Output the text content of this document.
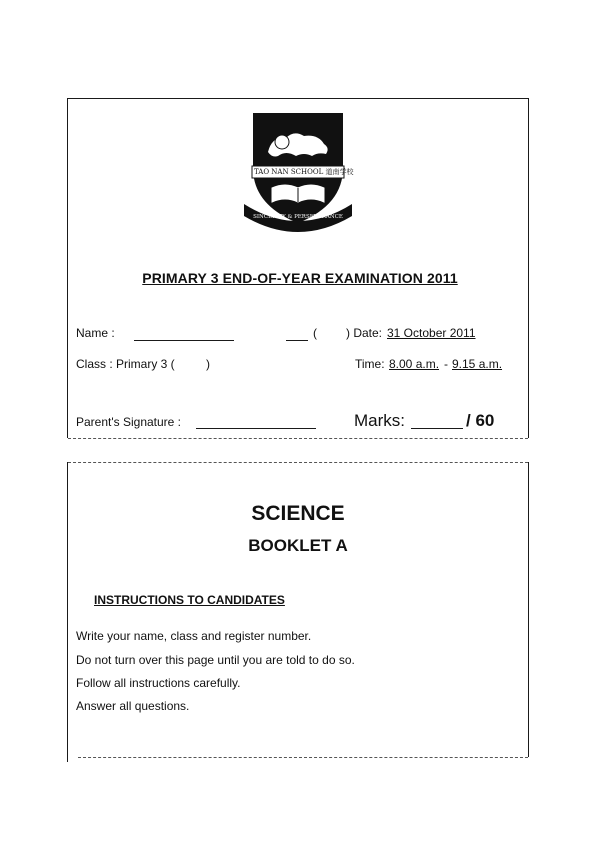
TAO NAN SCHOOL 道南学校
SINCERITY & PERSEVERANCE
PRIMARY 3 END-OF-YEAR EXAMINATION 2011
Name :	( ) Date: 31 October 2011
Class : Primary 3 (	)	Time: 8.00 a.m. - 9.15 a.m.
Parent's Signature :	Marks:	/ 60
SCIENCE
BOOKLET A
INSTRUCTIONS TO CANDIDATES
Write your name, class and register number.
Do not turn over this page until you are told to do so.
Follow all instructions carefully.
Answer all questions.
